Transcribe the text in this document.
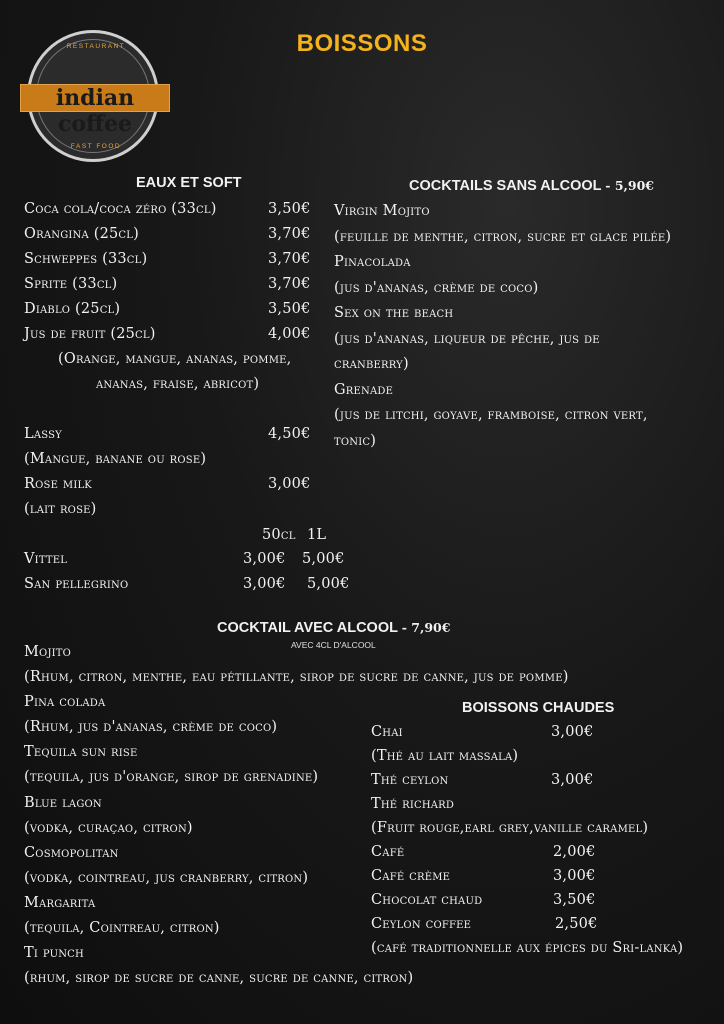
RESTAURANT
FAST FOOD
indian coffee
BOISSONS
EAUX ET SOFT
Coca cola/coca zéro (33cl)	3,50€
Orangina (25cl)	3,70€
Schweppes (33cl)	3,70€
Sprite (33cl)	3,70€
Diablo (25cl)	3,50€
Jus de fruit (25cl)	4,00€
(Orange, mangue, ananas, pomme,
ananas, fraise, abricot)
Lassy	4,50€
(Mangue, banane ou rose)
Rose milk	3,00€
(lait rose)
50cl 1L
Vittel	3,00€ 5,00€
San pellegrino	3,00€ 5,00€
COCKTAILS SANS ALCOOL - 5,90€
Virgin Mojito
(feuille de menthe, citron, sucre et glace pilée)
Pinacolada
(jus d'ananas, crème de coco)
Sex on the beach
(jus d'ananas, liqueur de pêche, jus de
cranberry)
Grenade
(jus de litchi, goyave, framboise, citron vert,
tonic)
COCKTAIL AVEC ALCOOL - 7,90€
AVEC 4CL D'ALCOOL
Mojito
(Rhum, citron, menthe, eau pétillante, sirop de sucre de canne, jus de pomme)
Pina colada
(Rhum, jus d'ananas, crème de coco)
Tequila sun rise
(tequila, jus d'orange, sirop de grenadine)
Blue lagon
(vodka, curaçao, citron)
Cosmopolitan
(vodka, cointreau, jus cranberry, citron)
Margarita
(tequila, Cointreau, citron)
Ti punch
(rhum, sirop de sucre de canne, sucre de canne, citron)
BOISSONS CHAUDES
Chai	3,00€
(Thé au lait massala)
Thé ceylon	3,00€
Thé richard
(Fruit rouge,earl grey,vanille caramel)
Café	2,00€
Café crème	3,00€
Chocolat chaud	3,50€
Ceylon coffee	2,50€
(café traditionnelle aux épices du Sri-lanka)
